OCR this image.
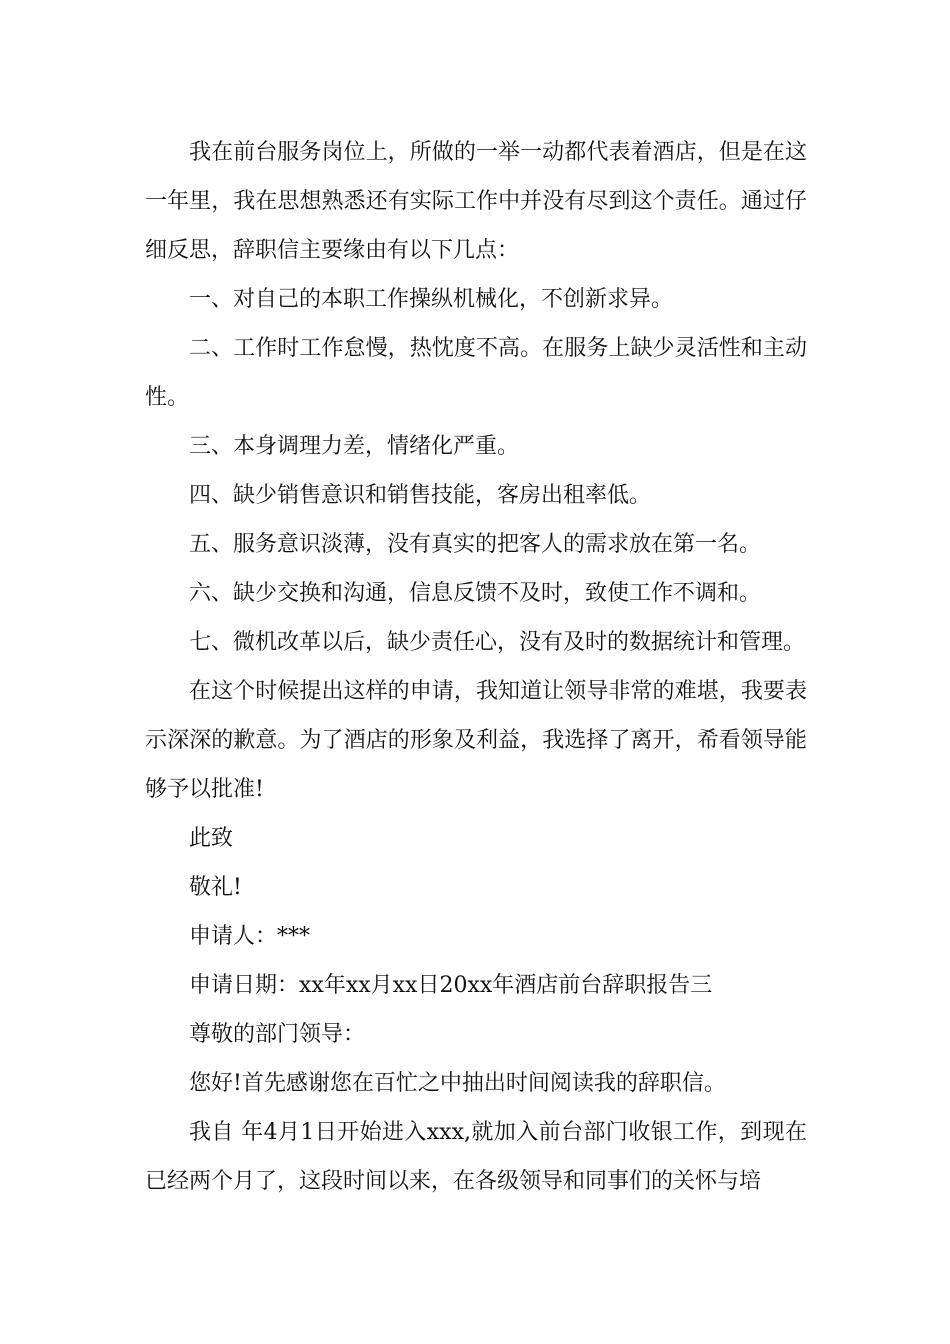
我在前台服务岗位上，所做的一举一动都代表着酒店，但是在这一年里，我在思想熟悉还有实际工作中并没有尽到这个责任。通过仔细反思，辞职信主要缘由有以下几点：

一、对自己的本职工作操纵机械化，不创新求异。

二、工作时工作怠慢，热忱度不高。在服务上缺少灵活性和主动性。

三、本身调理力差，情绪化严重。

四、缺少销售意识和销售技能，客房出租率低。

五、服务意识淡薄，没有真实的把客人的需求放在第一名。

六、缺少交换和沟通，信息反馈不及时，致使工作不调和。

七、微机改革以后，缺少责任心，没有及时的数据统计和管理。

在这个时候提出这样的申请，我知道让领导非常的难堪，我要表示深深的歉意。为了酒店的形象及利益，我选择了离开，希看领导能够予以批准!

此致

敬礼!

申请人：***

申请日期：xx年xx月xx日20xx年酒店前台辞职报告三

尊敬的部门领导：

您好!首先感谢您在百忙之中抽出时间阅读我的辞职信。

我自 年4月1日开始进入xxx,就加入前台部门收银工作，到现在已经两个月了，这段时间以来，在各级领导和同事们的关怀与培
